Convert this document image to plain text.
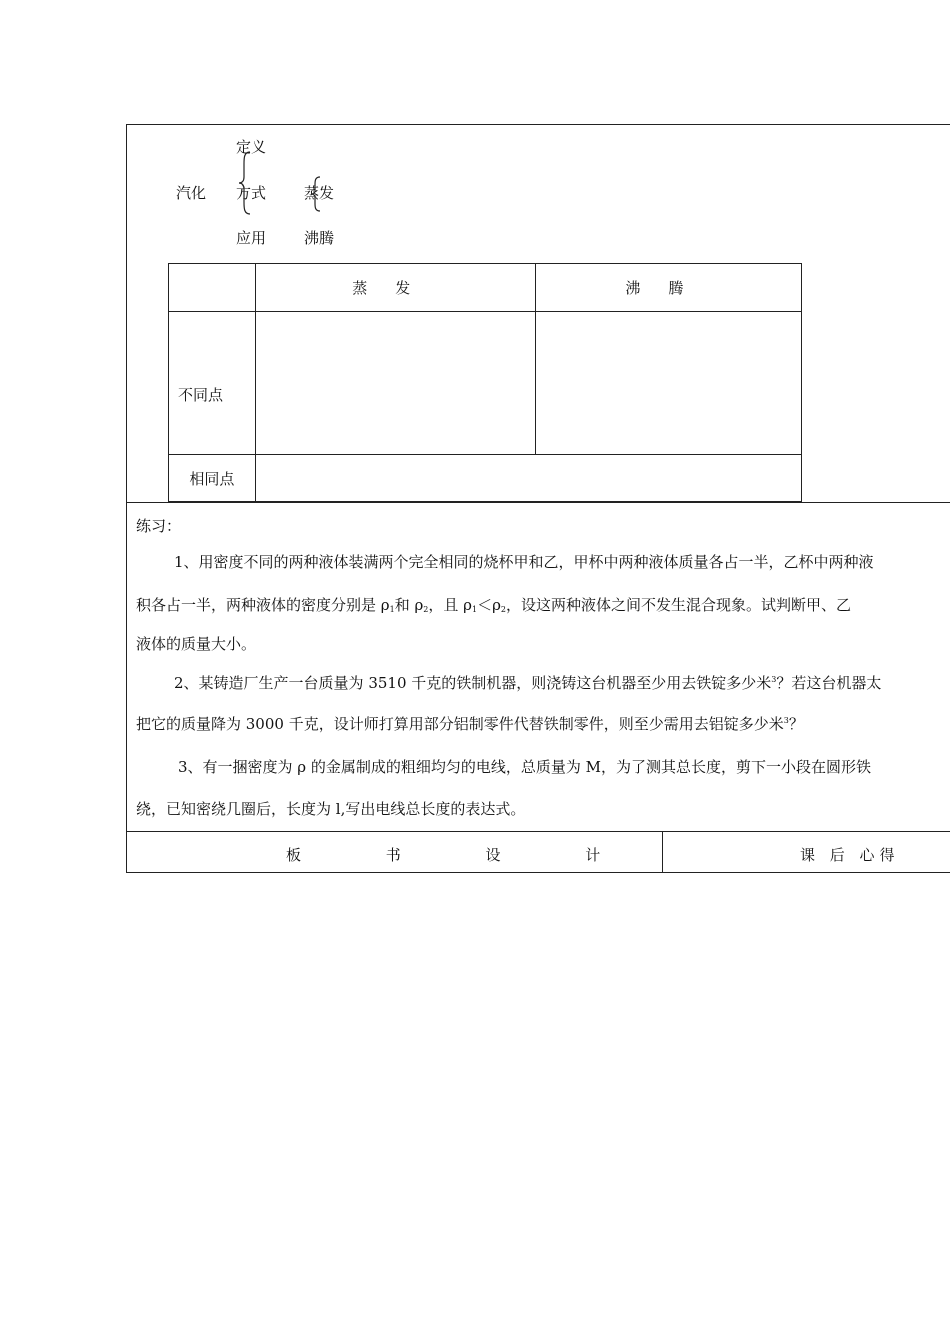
定义
汽化 方式	蒸发
应用	沸腾
	蒸发	沸腾
不同点		
相同点		
练习：
1、用密度不同的两种液体装满两个完全相同的烧杯甲和乙，甲杯中两种液体质量各占一半，乙杯中两种液
积各占一半，两种液体的密度分别是 $\rho_1$和 $\rho_2$，且 $\rho_1<\rho_2$，设这两种液体之间不发生混合现象。试判断甲、乙
液体的质量大小。
2、某铸造厂生产一台质量为 3510 千克的铁制机器，则浇铸这台机器至少用去铁锭多少米$^3$？若这台机器太
把它的质量降为 3000 千克，设计师打算用部分铝制零件代替铁制零件，则至少需用去铝锭多少米$^3$？
3、有一捆密度为 ρ 的金属制成的粗细均匀的电线，总质量为 M，为了测其总长度，剪下一小段在圆形铁
绕，已知密绕几圈后，长度为 l,写出电线总长度的表达式。
板 书 设 计	课 后 心得
